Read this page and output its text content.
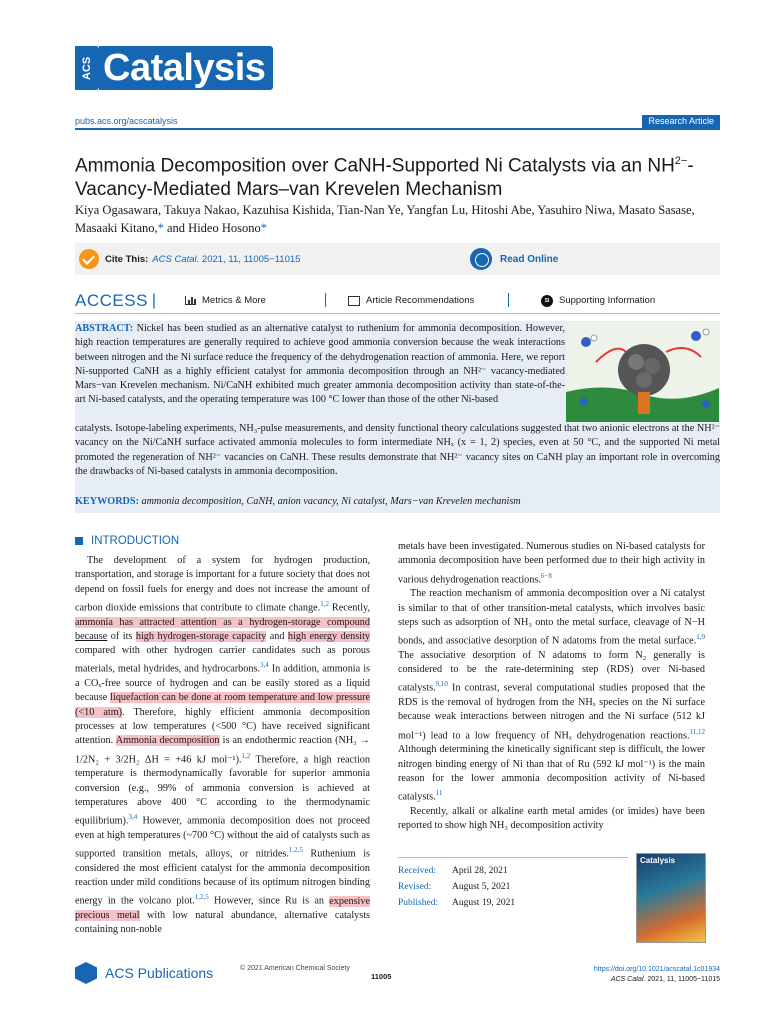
ACS Catalysis
pubs.acs.org/acscatalysis	Research Article
Ammonia Decomposition over CaNH-Supported Ni Catalysts via an $NH^{2-}-Vacancy$-Mediated Mars–van Krevelen Mechanism
Kiya Ogasawara, Takuya Nakao, Kazuhisa Kishida, Tian-Nan Ye, Yangfan Lu, Hitoshi Abe, Yasuhiro Niwa, Masato Sasase, Masaaki Kitano,* and Hideo Hosono*
Cite This: ACS Catal. 2021, 11, 11005−11015	Read Online
ACCESS |	Metrics & More	Article Recommendations	SI	Supporting Information
ABSTRACT: Nickel has been studied as an alternative catalyst to ruthenium for ammonia decomposition. However, high reaction temperatures are generally required to achieve good ammonia conversion because the weak interactions between nitrogen and the Ni surface reduce the frequency of the dehydrogenation reaction of ammonia. Here, we report Ni-supported CaNH as a highly efficient catalyst for ammonia decomposition through an NH²⁻ vacancy-mediated Mars−van Krevelen mechanism. Ni/CaNH exhibited much greater ammonia decomposition activity than state-of-the-art Ni-based catalysts, and the operating temperature was 100 °C lower than those of the other Ni-based
catalysts. Isotope-labeling experiments, NH₃-pulse measurements, and density functional theory calculations suggested that two anionic electrons at the NH²⁻ vacancy on the Ni/CaNH surface activated ammonia molecules to form intermediate NHₓ (x = 1, 2) species, even at 50 °C, and the supported Ni metal promoted the regeneration of NH²⁻ vacancies on CaNH. These results demonstrate that NH²⁻ vacancy sites on CaNH play an important role in overcoming the drawbacks of Ni-based catalysts in ammonia decomposition.
KEYWORDS: ammonia decomposition, CaNH, anion vacancy, Ni catalyst, Mars−van Krevelen mechanism
INTRODUCTION

The development of a system for hydrogen production, transportation, and storage is important for a future society that does not depend on fossil fuels for energy and does not increase the amount of carbon dioxide emissions that contribute to climate change.$^{1,2}$ Recently, ammonia has attracted attention as a hydrogen-storage compound because of its high hydrogen-storage capacity and high energy density compared with other hydrogen carrier candidates such as porous materials, metal hydrides, and hydrocarbons.$^{3,4}$ In addition, ammonia is a COₓ-free source of hydrogen and can be easily stored as a liquid because liquefaction can be done at room temperature and low pressure (<10 atm). Therefore, highly efficient ammonia decomposition processes at low temperatures (<500 °C) have received significant attention. Ammonia decomposition is an endothermic reaction (NH₃ → 1/2N₂ + 3/2H₂ ΔH = +46 kJ mol⁻¹).$^{1,2}$ Therefore, a high reaction temperature is thermodynamically favorable for superior ammonia conversion (e.g., 99% of ammonia conversion is achieved at temperatures above 400 °C according to the thermodynamic equilibrium).$^{3,4}$ However, ammonia decomposition does not proceed even at high temperatures (~700 °C) without the aid of catalysts such as supported transition metals, alloys, or nitrides.$^{1,2,5}$ Ruthenium is considered the most efficient catalyst for the ammonia decomposition reaction under mild conditions because of its optimum nitrogen binding energy in the volcano plot.$^{1,2,5}$ However, since Ru is an expensive precious metal with low natural abundance, alternative catalysts containing non-noble

metals have been investigated. Numerous studies on Ni-based catalysts for ammonia decomposition have been performed due to their high activity in various dehydrogenation reactions.$^{6-8}$

The reaction mechanism of ammonia decomposition over a Ni catalyst is similar to that of other transition-metal catalysts, which involves basic steps such as adsorption of NH₃ onto the metal surface, cleavage of N−H bonds, and associative desorption of N adatoms from the metal surface.$^{1,9}$ The associative desorption of N adatoms to form N₂ generally is considered to be the rate-determining step (RDS) over Ni-based catalysts.$^{9,10}$ In contrast, several computational studies proposed that the RDS is the removal of hydrogen from the NHₓ species on the Ni surface because weak interactions between nitrogen and the Ni surface (512 kJ mol⁻¹) lead to a low frequency of NHₓ dehydrogenation reactions.$^{11,12}$ Although determining the kinetically significant step is difficult, the lower nitrogen binding energy of Ni than that of Ru (592 kJ mol⁻¹) is the main reason for the lower ammonia decomposition activity of Ni-based catalysts.$^{11}$

Recently, alkali or alkaline earth metal amides (or imides) have been reported to show high NH₃ decomposition activity

Received:	April 28, 2021
Revised:	August 5, 2021
Published:	August 19, 2021
Catalysis
ACS Publications	© 2021 American Chemical Society
11005
https://doi.org/10.1021/acscatal.1c01934
ACS Catal. 2021, 11, 11005−11015
